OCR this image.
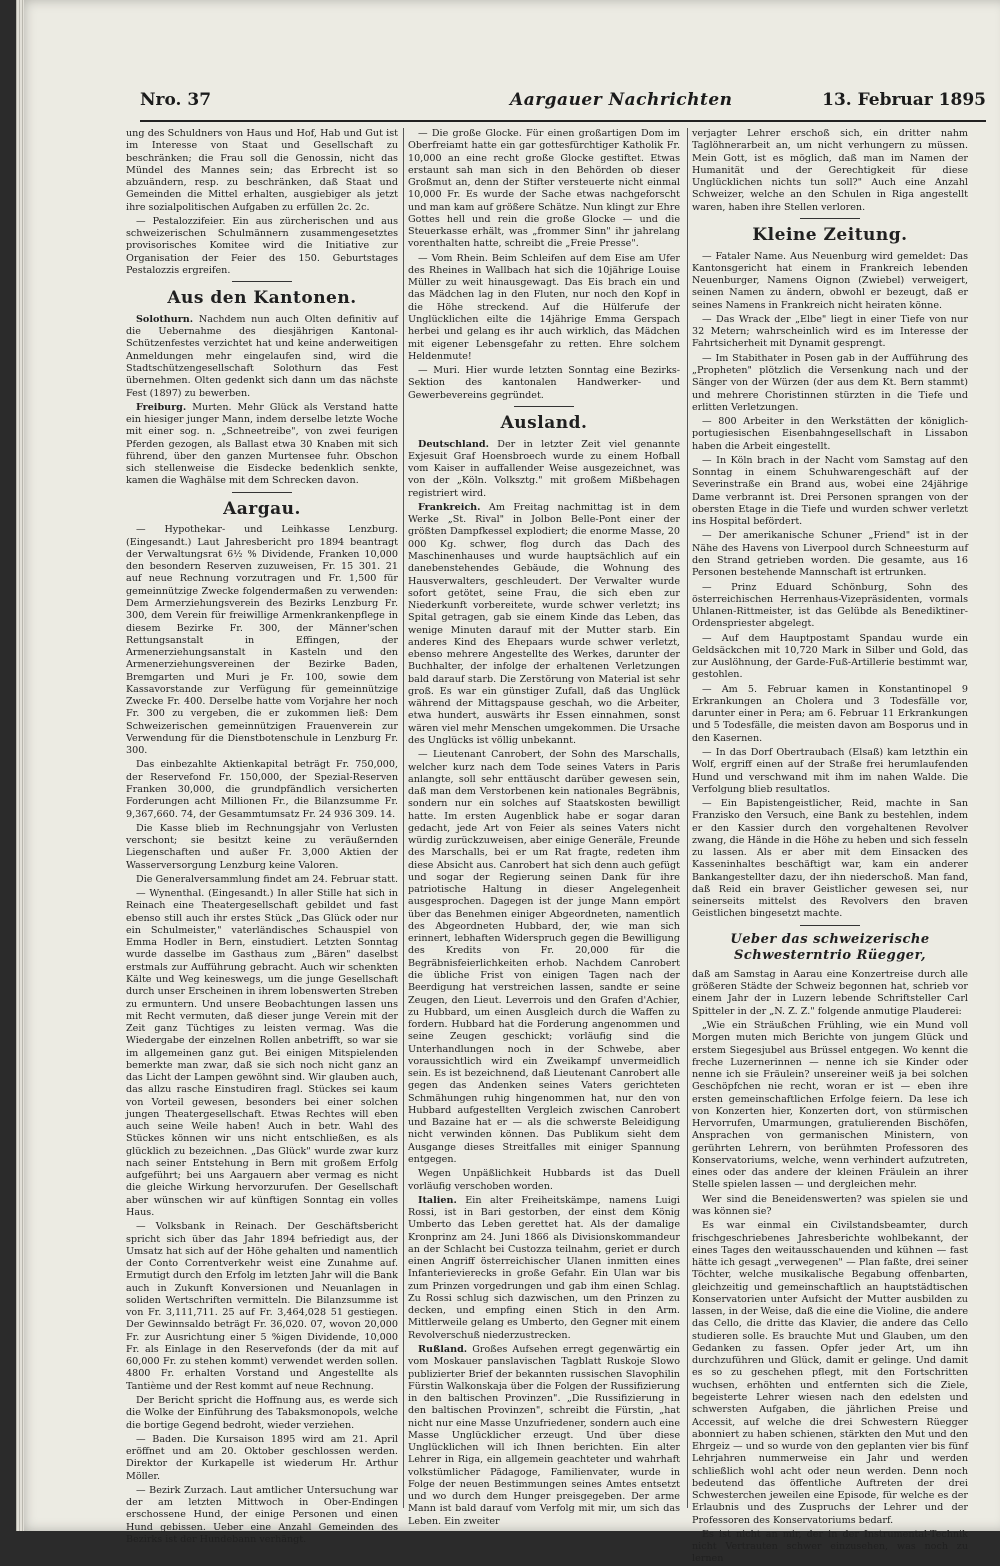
Nro. 37	Aargauer Nachrichten	13. Februar 1895

ung des Schuldners von Haus und Hof, Hab und Gut ist im Interesse von Staat und Gesellschaft zu beschränken; die Frau soll die Genossin, nicht das Mündel des Mannes sein; das Erbrecht ist so abzuändern, resp. zu beschränken, daß Staat und Gemeinden die Mittel erhalten, ausgiebiger als jetzt ihre sozialpolitischen Aufgaben zu erfüllen 2c. 2c.

— Pestalozzifeier. Ein aus zürcherischen und aus schweizerischen Schulmännern zusammengesetztes provisorisches Komitee wird die Initiative zur Organisation der Feier des 150. Geburtstages Pestalozzis ergreifen.

Aus den Kantonen.

Solothurn. Nachdem nun auch Olten definitiv auf die Uebernahme des diesjährigen Kantonal-Schützenfestes verzichtet hat und keine anderweitigen Anmeldungen mehr eingelaufen sind, wird die Stadtschützengesellschaft Solothurn das Fest übernehmen. Olten gedenkt sich dann um das nächste Fest (1897) zu bewerben.

Freiburg. Murten. Mehr Glück als Verstand hatte ein hiesiger junger Mann, indem derselbe letzte Woche mit einer sog. n. „Schneetreibe", von zwei feurigen Pferden gezogen, als Ballast etwa 30 Knaben mit sich führend, über den ganzen Murtensee fuhr. Obschon sich stellenweise die Eisdecke bedenklich senkte, kamen die Waghälse mit dem Schrecken davon.

Aargau.

— Hypothekar- und Leihkasse Lenzburg. (Eingesandt.) Laut Jahresbericht pro 1894 beantragt der Verwaltungsrat 6½ % Dividende, Franken 10,000 den besondern Reserven zuzuweisen, Fr. 15 301. 21 auf neue Rechnung vorzutragen und Fr. 1,500 für gemeinnützige Zwecke folgendermaßen zu verwenden: Dem Armerziehungsverein des Bezirks Lenzburg Fr. 300, dem Verein für freiwillige Armenkrankenpflege in diesem Bezirke Fr. 300, der Männer'schen Rettungsanstalt in Effingen, der Armenerziehungsanstalt in Kasteln und den Armenerziehungsvereinen der Bezirke Baden, Bremgarten und Muri je Fr. 100, sowie dem Kassavorstande zur Verfügung für gemeinnützige Zwecke Fr. 400. Derselbe hatte vom Vorjahre her noch Fr. 300 zu vergeben, die er zukommen ließ: Dem Schweizerischen gemeinnützigen Frauenverein zur Verwendung für die Dienstbotenschule in Lenzburg Fr. 300.

Das einbezahlte Aktienkapital beträgt Fr. 750,000, der Reservefond Fr. 150,000, der Spezial-Reserven Franken 30,000, die grundpfändlich versicherten Forderungen acht Millionen Fr., die Bilanzsumme Fr. 9,367,660. 74, der Gesammtumsatz Fr. 24 936 309. 14.

Die Kasse blieb im Rechnungsjahr von Verlusten verschont; sie besitzt keine zu veräußernden Liegenschaften und außer Fr. 3,000 Aktien der Wasserversorgung Lenzburg keine Valoren.

Die Generalversammlung findet am 24. Februar statt.

— Wynenthal. (Eingesandt.) In aller Stille hat sich in Reinach eine Theatergesellschaft gebildet und fast ebenso still auch ihr erstes Stück „Das Glück oder nur ein Schulmeister," vaterländisches Schauspiel von Emma Hodler in Bern, einstudiert. Letzten Sonntag wurde dasselbe im Gasthaus zum „Bären" daselbst erstmals zur Aufführung gebracht. Auch wir schenkten Kälte und Weg keineswegs, um die junge Gesellschaft durch unser Erscheinen in ihrem lobenswerten Streben zu ermuntern. Und unsere Beobachtungen lassen uns mit Recht vermuten, daß dieser junge Verein mit der Zeit ganz Tüchtiges zu leisten vermag. Was die Wiedergabe der einzelnen Rollen anbetrifft, so war sie im allgemeinen ganz gut. Bei einigen Mitspielenden bemerkte man zwar, daß sie sich noch nicht ganz an das Licht der Lampen gewöhnt sind. Wir glauben auch, das allzu rasche Einstudiren fragl. Stückes sei kaum von Vorteil gewesen, besonders bei einer solchen jungen Theatergesellschaft. Etwas Rechtes will eben auch seine Weile haben! Auch in betr. Wahl des Stückes können wir uns nicht entschließen, es als glücklich zu bezeichnen. „Das Glück" wurde zwar kurz nach seiner Entstehung in Bern mit großem Erfolg aufgeführt; bei uns Aargauern aber vermag es nicht die gleiche Wirkung hervorzurufen. Der Gesellschaft aber wünschen wir auf künftigen Sonntag ein volles Haus.

— Volksbank in Reinach. Der Geschäftsbericht spricht sich über das Jahr 1894 befriedigt aus, der Umsatz hat sich auf der Höhe gehalten und namentlich der Conto Correntverkehr weist eine Zunahme auf. Ermutigt durch den Erfolg im letzten Jahr will die Bank auch in Zukunft Konversionen und Neuanlagen in soliden Wertschriften vermitteln. Die Bilanzsumme ist von Fr. 3,111,711. 25 auf Fr. 3,464,028 51 gestiegen. Der Gewinnsaldo beträgt Fr. 36,020. 07, wovon 20,000 Fr. zur Ausrichtung einer 5 %igen Dividende, 10,000 Fr. als Einlage in den Reservefonds (der da mit auf 60,000 Fr. zu stehen kommt) verwendet werden sollen. 4800 Fr. erhalten Vorstand und Angestellte als Tantième und der Rest kommt auf neue Rechnung.

Der Bericht spricht die Hoffnung aus, es werde sich die Wolke der Einführung des Tabaksmonopols, welche die bortige Gegend bedroht, wieder verziehen.

— Baden. Die Kursaison 1895 wird am 21. April eröffnet und am 20. Oktober geschlossen werden. Direktor der Kurkapelle ist wiederum Hr. Arthur Möller.

— Bezirk Zurzach. Laut amtlicher Untersuchung war der am letzten Mittwoch in Ober-Endingen erschossene Hund, der einige Personen und einen Hund gebissen. Ueber eine Anzahl Gemeinden des Bezirks ist der Hundebann verhängt.

— Die große Glocke. Für einen großartigen Dom im Oberfreiamt hatte ein gar gottesfürchtiger Katholik Fr. 10,000 an eine recht große Glocke gestiftet. Etwas erstaunt sah man sich in den Behörden ob dieser Großmut an, denn der Stifter versteuerte nicht einmal 10,000 Fr. Es wurde der Sache etwas nachgeforscht und man kam auf größere Schätze. Nun klingt zur Ehre Gottes hell und rein die große Glocke — und die Steuerkasse erhält, was „frommer Sinn" ihr jahrelang vorenthalten hatte, schreibt die „Freie Presse".

— Vom Rhein. Beim Schleifen auf dem Eise am Ufer des Rheines in Wallbach hat sich die 10jährige Louise Müller zu weit hinausgewagt. Das Eis brach ein und das Mädchen lag in den Fluten, nur noch den Kopf in die Höhe streckend. Auf die Hülferufe der Unglücklichen eilte die 14jährige Emma Gerspach herbei und gelang es ihr auch wirklich, das Mädchen mit eigener Lebensgefahr zu retten. Ehre solchem Heldenmute!

— Muri. Hier wurde letzten Sonntag eine Bezirks-Sektion des kantonalen Handwerker- und Gewerbevereins gegründet.

Ausland.

Deutschland. Der in letzter Zeit viel genannte Exjesuit Graf Hoensbroech wurde zu einem Hofball vom Kaiser in auffallender Weise ausgezeichnet, was von der „Köln. Volksztg." mit großem Mißbehagen registriert wird.

Frankreich. Am Freitag nachmittag ist in dem Werke „St. Rival" in Jolbon Belle-Pont einer der größten Dampfkessel explodiert; die enorme Masse, 20 000 Kg. schwer, flog durch das Dach des Maschinenhauses und wurde hauptsächlich auf ein danebenstehendes Gebäude, die Wohnung des Hausverwalters, geschleudert. Der Verwalter wurde sofort getötet, seine Frau, die sich eben zur Niederkunft vorbereitete, wurde schwer verletzt; ins Spital getragen, gab sie einem Kinde das Leben, das wenige Minuten darauf mit der Mutter starb. Ein anderes Kind des Ehepaars wurde schwer verletzt, ebenso mehrere Angestellte des Werkes, darunter der Buchhalter, der infolge der erhaltenen Verletzungen bald darauf starb. Die Zerstörung von Material ist sehr groß. Es war ein günstiger Zufall, daß das Unglück während der Mittagspause geschah, wo die Arbeiter, etwa hundert, auswärts ihr Essen einnahmen, sonst wären viel mehr Menschen umgekommen. Die Ursache des Unglücks ist völlig unbekannt.

— Lieutenant Canrobert, der Sohn des Marschalls, welcher kurz nach dem Tode seines Vaters in Paris anlangte, soll sehr enttäuscht darüber gewesen sein, daß man dem Verstorbenen kein nationales Begräbnis, sondern nur ein solches auf Staatskosten bewilligt hatte. Im ersten Augenblick habe er sogar daran gedacht, jede Art von Feier als seines Vaters nicht würdig zurückzuweisen, aber einige Generäle, Freunde des Marschalls, bei er um Rat fragte, redeten ihm diese Absicht aus. Canrobert hat sich denn auch gefügt und sogar der Regierung seinen Dank für ihre patriotische Haltung in dieser Angelegenheit ausgesprochen. Dagegen ist der junge Mann empört über das Benehmen einiger Abgeordneten, namentlich des Abgeordneten Hubbard, der, wie man sich erinnert, lebhaften Widerspruch gegen die Bewilligung des Kredits von Fr. 20,000 für die Begräbnisfeierlichkeiten erhob. Nachdem Canrobert die übliche Frist von einigen Tagen nach der Beerdigung hat verstreichen lassen, sandte er seine Zeugen, den Lieut. Leverrois und den Grafen d'Achier, zu Hubbard, um einen Ausgleich durch die Waffen zu fordern. Hubbard hat die Forderung angenommen und seine Zeugen geschickt; vorläufig sind die Unterhandlungen noch in der Schwebe, aber voraussichtlich wird ein Zweikampf unvermeidlich sein. Es ist bezeichnend, daß Lieutenant Canrobert alle gegen das Andenken seines Vaters gerichteten Schmähungen ruhig hingenommen hat, nur den von Hubbard aufgestellten Vergleich zwischen Canrobert und Bazaine hat er — als die schwerste Beleidigung nicht verwinden können. Das Publikum sieht dem Ausgange dieses Streitfalles mit einiger Spannung entgegen.

Wegen Unpäßlichkeit Hubbards ist das Duell vorläufig verschoben worden.

Italien. Ein alter Freiheitskämpe, namens Luigi Rossi, ist in Bari gestorben, der einst dem König Umberto das Leben gerettet hat. Als der damalige Kronprinz am 24. Juni 1866 als Divisionskommandeur an der Schlacht bei Custozza teilnahm, geriet er durch einen Angriff österreichischer Ulanen inmitten eines Infanterievierecks in große Gefahr. Ein Ulan war bis zum Prinzen vorgedrungen und gab ihm einen Schlag. Zu Rossi schlug sich dazwischen, um den Prinzen zu decken, und empfing einen Stich in den Arm. Mittlerweile gelang es Umberto, den Gegner mit einem Revolverschuß niederzustrecken.

Rußland. Großes Aufsehen erregt gegenwärtig ein vom Moskauer panslavischen Tagblatt Ruskoje Slowo publizierter Brief der bekannten russischen Slavophilin Fürstin Walkonskaja über die Folgen der Russifizierung in den baltischen Provinzen". „Die Russifizierung in den baltischen Provinzen", schreibt die Fürstin, „hat nicht nur eine Masse Unzufriedener, sondern auch eine Masse Unglücklicher erzeugt. Und über diese Unglücklichen will ich Ihnen berichten. Ein alter Lehrer in Riga, ein allgemein geachteter und wahrhaft volkstümlicher Pädagoge, Familienvater, wurde in Folge der neuen Bestimmungen seines Amtes entsetzt und wo durch dem Hunger preisgegeben. Der arme Mann ist bald darauf vom Verfolg mit mir, um sich das Leben. Ein zweiter

verjagter Lehrer erschoß sich, ein dritter nahm Taglöhnerarbeit an, um nicht verhungern zu müssen. Mein Gott, ist es möglich, daß man im Namen der Humanität und der Gerechtigkeit für diese Unglücklichen nichts tun soll?" Auch eine Anzahl Schweizer, welche an den Schulen in Riga angestellt waren, haben ihre Stellen verloren.

Kleine Zeitung.

— Fataler Name. Aus Neuenburg wird gemeldet: Das Kantonsgericht hat einem in Frankreich lebenden Neuenburger, Namens Oignon (Zwiebel) verweigert, seinen Namen zu ändern, obwohl er bezeugt, daß er seines Namens in Frankreich nicht heiraten könne.

— Das Wrack der „Elbe" liegt in einer Tiefe von nur 32 Metern; wahrscheinlich wird es im Interesse der Fahrtsicherheit mit Dynamit gesprengt.

— Im Stabithater in Posen gab in der Aufführung des „Propheten" plötzlich die Versenkung nach und der Sänger von der Würzen (der aus dem Kt. Bern stammt) und mehrere Choristinnen stürzten in die Tiefe und erlitten Verletzungen.

— 800 Arbeiter in den Werkstätten der königlich-portugiesischen Eisenbahngesellschaft in Lissabon haben die Arbeit eingestellt.

— In Köln brach in der Nacht vom Samstag auf den Sonntag in einem Schuhwarengeschäft auf der Severinstraße ein Brand aus, wobei eine 24jährige Dame verbrannt ist. Drei Personen sprangen von der obersten Etage in die Tiefe und wurden schwer verletzt ins Hospital befördert.

— Der amerikanische Schuner „Friend" ist in der Nähe des Havens von Liverpool durch Schneesturm auf den Strand getrieben worden. Die gesamte, aus 16 Personen bestehende Mannschaft ist ertrunken.

— Prinz Eduard Schönburg, Sohn des österreichischen Herrenhaus-Vizepräsidenten, vormals Uhlanen-Rittmeister, ist das Gelübde als Benediktiner-Ordenspriester abgelegt.

— Auf dem Hauptpostamt Spandau wurde ein Geldsäckchen mit 10,720 Mark in Silber und Gold, das zur Auslöhnung, der Garde-Fuß-Artillerie bestimmt war, gestohlen.

— Am 5. Februar kamen in Konstantinopel 9 Erkrankungen an Cholera und 3 Todesfälle vor, darunter einer in Pera; am 6. Februar 11 Erkrankungen und 5 Todesfälle, die meisten davon am Bosporus und in den Kasernen.

— In das Dorf Obertraubach (Elsaß) kam letzthin ein Wolf, ergriff einen auf der Straße frei herumlaufenden Hund und verschwand mit ihm im nahen Walde. Die Verfolgung blieb resultatlos.

— Ein Bapistengeistlicher, Reid, machte in San Franzisko den Versuch, eine Bank zu bestehlen, indem er den Kassier durch den vorgehaltenen Revolver zwang, die Hände in die Höhe zu heben und sich fesseln zu lassen. Als er aber mit dem Einsacken des Kasseninhaltes beschäftigt war, kam ein anderer Bankangestellter dazu, der ihn niederschoß. Man fand, daß Reid ein braver Geistlicher gewesen sei, nur seinerseits mittelst des Revolvers den braven Geistlichen bingesetzt machte.

Ueber das schweizerische Schwesterntrio Rüegger,

daß am Samstag in Aarau eine Konzertreise durch alle größeren Städte der Schweiz begonnen hat, schrieb vor einem Jahr der in Luzern lebende Schriftsteller Carl Spitteler in der „N. Z. Z." folgende anmutige Plauderei:

„Wie ein Sträußchen Frühling, wie ein Mund voll Morgen muten mich Berichte von jungem Glück und erstem Siegesjubel aus Brüssel entgegen. Wo kennt die freche Luzernerinnen — nenne ich sie Kinder oder nenne ich sie Fräulein? unsereiner weiß ja bei solchen Geschöpfchen nie recht, woran er ist — eben ihre ersten gemeinschaftlichen Erfolge feiern. Da lese ich von Konzerten hier, Konzerten dort, von stürmischen Hervorrufen, Umarmungen, gratulierenden Bischöfen, Ansprachen von germanischen Ministern, von gerührten Lehrern, von berühmten Professoren des Konservatoriums, welche, wenn verhindert aufzutreten, eines oder das andere der kleinen Fräulein an ihrer Stelle spielen lassen — und dergleichen mehr.

Wer sind die Beneidenswerten? was spielen sie und was können sie?

Es war einmal ein Civilstandsbeamter, durch frischgeschriebenes Jahresberichte wohlbekannt, der eines Tages den weitausschauenden und kühnen — fast hätte ich gesagt „verwegenen" — Plan faßte, drei seiner Töchter, welche musikalische Begabung offenbarten, gleichzeitig und gemeinschaftlich an hauptstädtischen Konservatorien unter Aufsicht der Mutter ausbilden zu lassen, in der Weise, daß die eine die Violine, die andere das Cello, die dritte das Klavier, die andere das Cello studieren solle. Es brauchte Mut und Glauben, um den Gedanken zu fassen. Opfer jeder Art, um ihn durchzuführen und Glück, damit er gelinge. Und damit es so zu geschehen pflegt, mit den Fortschritten wuchsen, erhöhten und entfernten sich die Ziele, begeisterte Lehrer wiesen nach den edelsten und schwersten Aufgaben, die jährlichen Preise und Accessit, auf welche die drei Schwestern Rüegger abonniert zu haben schienen, stärkten den Mut und den Ehrgeiz — und so wurde von den geplanten vier bis fünf Lehrjahren nummerweise ein Jahr und werden schließlich wohl acht oder neun werden. Denn noch bedeutend das öffentliche Auftreten der drei Schwesterchen jeweilen eine Episode, für welche es der Erlaubnis und des Zuspruchs der Lehrer und der Professoren des Konservatoriums bedarf.

Es ist nicht an mir, der in der Instrumental-Technik nicht Vertrauten schwer einzusehen, was noch zu lernen
